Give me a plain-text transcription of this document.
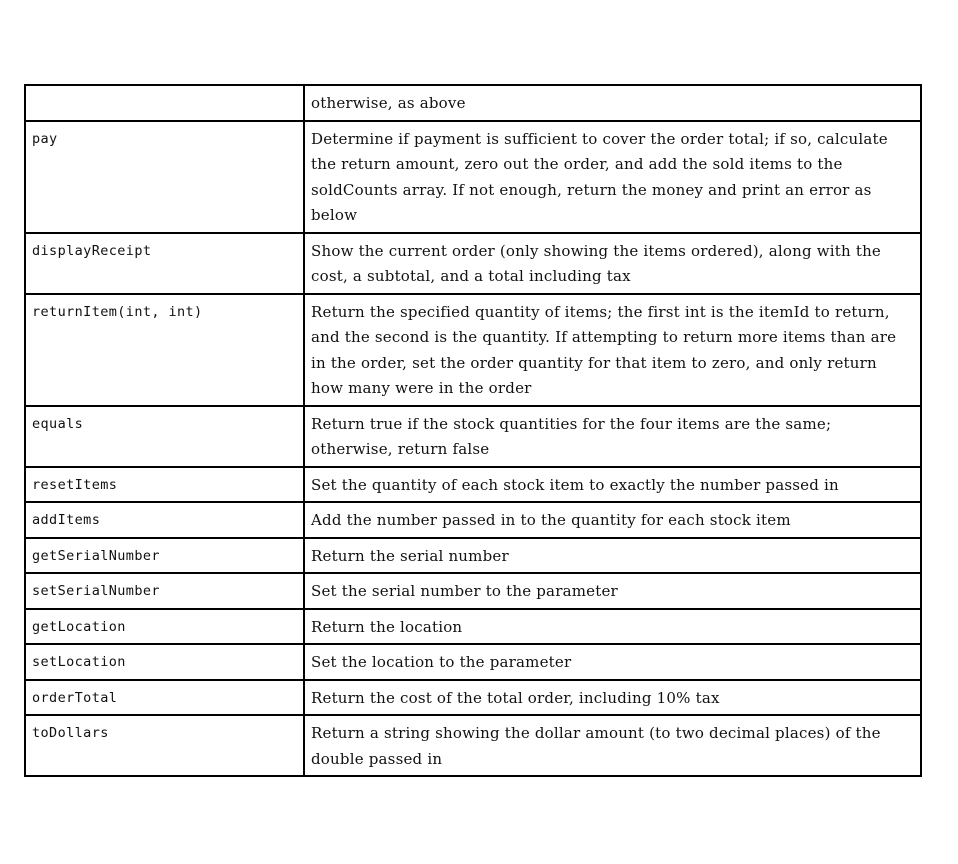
	otherwise, as above
pay	Determine if payment is sufficient to cover the order total; if so, calculate the return amount, zero out the order, and add the sold items to the soldCounts array. If not enough, return the money and print an error as below
displayReceipt	Show the current order (only showing the items ordered), along with the cost, a subtotal, and a total including tax
returnItem(int, int)	Return the specified quantity of items; the first int is the itemId to return, and the second is the quantity. If attempting to return more items than are in the order, set the order quantity for that item to zero, and only return how many were in the order
equals	Return true if the stock quantities for the four items are the same; otherwise, return false
resetItems	Set the quantity of each stock item to exactly the number passed in
addItems	Add the number passed in to the quantity for each stock item
getSerialNumber	Return the serial number
setSerialNumber	Set the serial number to the parameter
getLocation	Return the location
setLocation	Set the location to the parameter
orderTotal	Return the cost of the total order, including 10% tax
toDollars	Return a string showing the dollar amount (to two decimal places) of the double passed in
